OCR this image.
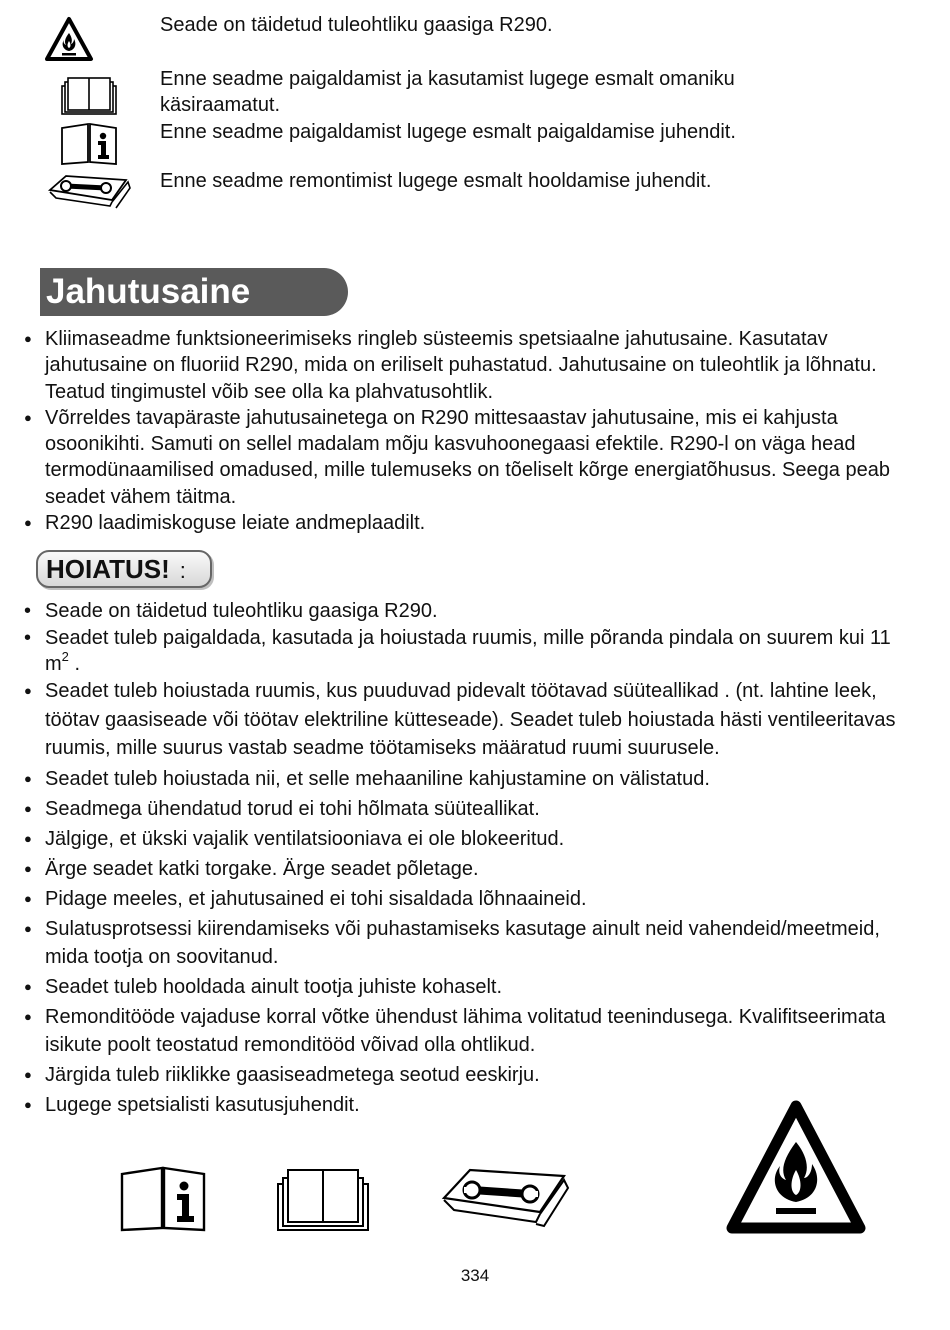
Seade on täidetud tuleohtliku gaasiga R290.
Enne seadme paigaldamist ja kasutamist lugege esmalt omaniku käsiraamatut.
Enne seadme paigaldamist lugege esmalt paigaldamise juhendit.
Enne seadme remontimist lugege esmalt hooldamise juhendit.
Jahutusaine
● Kliimaseadme funktsioneerimiseks ringleb süsteemis spetsiaalne jahutusaine. Kasutatav jahutusaine on fluoriid R290, mida on eriliselt puhastatud. Jahutusaine on tuleohtlik ja lõhnatu. Teatud tingimustel võib see olla ka plahvatusohtlik.
● Võrreldes tavapäraste jahutusainetega on R290 mittesaastav jahutusaine, mis ei kahjusta osoonikihti. Samuti on sellel madalam mõju kasvuhoonegaasi efektile. R290-l on väga head termodünaamilised omadused, mille tulemuseks on tõeliselt kõrge energiatõhusus. Seega peab seadet vähem täitma.
● R290 laadimiskoguse leiate andmeplaadilt.
HOIATUS! :
• Seade on täidetud tuleohtliku gaasiga R290.
• Seadet tuleb paigaldada, kasutada ja hoiustada ruumis, mille põranda pindala on suurem kui 11 $m^2$ .
● Seadet tuleb hoiustada ruumis, kus puuduvad pidevalt töötavad süüteallikad . (nt. lahtine leek, töötav gaasiseade või töötav elektriline kütteseade). Seadet tuleb hoiustada hästi ventileeritavas ruumis, mille suurus vastab seadme töötamiseks määratud ruumi suurusele.
● Seadet tuleb hoiustada nii, et selle mehaaniline kahjustamine on välistatud.
● Seadmega ühendatud torud ei tohi hõlmata süüteallikat.
● Jälgige, et ükski vajalik ventilatsiooniava ei ole blokeeritud.
● Ärge seadet katki torgake. Ärge seadet põletage.
● Pidage meeles, et jahutusained ei tohi sisaldada lõhnaaineid.
● Sulatusprotsessi kiirendamiseks või puhastamiseks kasutage ainult neid vahendeid/meetmeid, mida tootja on soovitanud.
● Seadet tuleb hooldada ainult tootja juhiste kohaselt.
● Remonditööde vajaduse korral võtke ühendust lähima volitatud teenindusega. Kvalifitseerimata isikute poolt teostatud remonditööd võivad olla ohtlikud.
● Järgida tuleb riiklikke gaasiseadmetega seotud eeskirju.
● Lugege spetsialisti kasutusjuhendit.
334
